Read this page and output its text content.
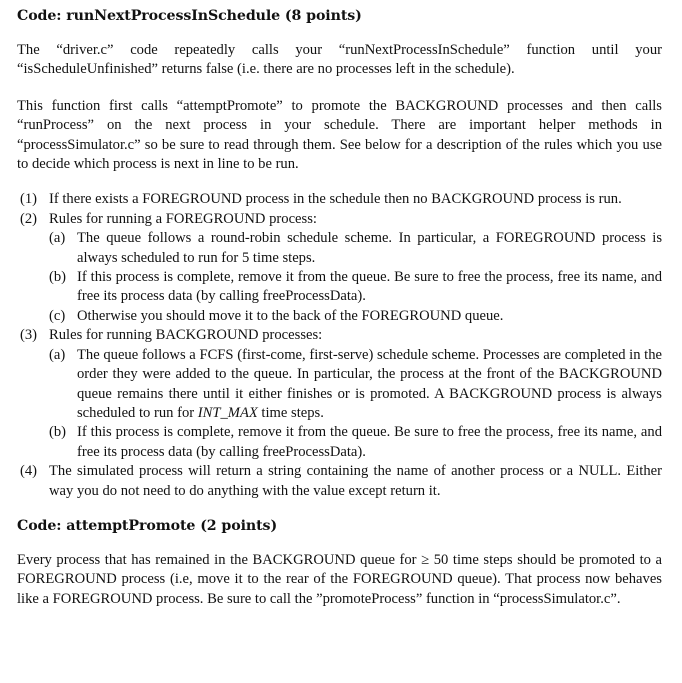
Code: runNextProcessInSchedule (8 points)

The “driver.c” code repeatedly calls your “runNextProcessInSchedule” function until your “isScheduleUnfinished” returns false (i.e. there are no processes left in the schedule).

This function first calls “attemptPromote” to promote the BACKGROUND processes and then calls “runProcess” on the next process in your schedule. There are important helper methods in “processSimulator.c” so be sure to read through them. See below for a description of the rules which you use to decide which process is next in line to be run.

(1) If there exists a FOREGROUND process in the schedule then no BACKGROUND process is run.
(2) Rules for running a FOREGROUND process:
(a) The queue follows a round-robin schedule scheme. In particular, a FOREGROUND process is always scheduled to run for 5 time steps.
(b) If this process is complete, remove it from the queue. Be sure to free the process, free its name, and free its process data (by calling freeProcessData).
(c) Otherwise you should move it to the back of the FOREGROUND queue.
(3) Rules for running BACKGROUND processes:
(a) The queue follows a FCFS (first-come, first-serve) schedule scheme. Processes are completed in the order they were added to the queue. In particular, the process at the front of the BACKGROUND queue remains there until it either finishes or is promoted. A BACKGROUND process is always scheduled to run for INT_MAX time steps.
(b) If this process is complete, remove it from the queue. Be sure to free the process, free its name, and free its process data (by calling freeProcessData).
(4) The simulated process will return a string containing the name of another process or a NULL. Either way you do not need to do anything with the value except return it.
Code: attemptPromote (2 points)

Every process that has remained in the BACKGROUND queue for ≥ 50 time steps should be promoted to a FOREGROUND process (i.e, move it to the rear of the FOREGROUND queue). That process now behaves like a FOREGROUND process. Be sure to call the ”promoteProcess” function in “processSimulator.c”.
